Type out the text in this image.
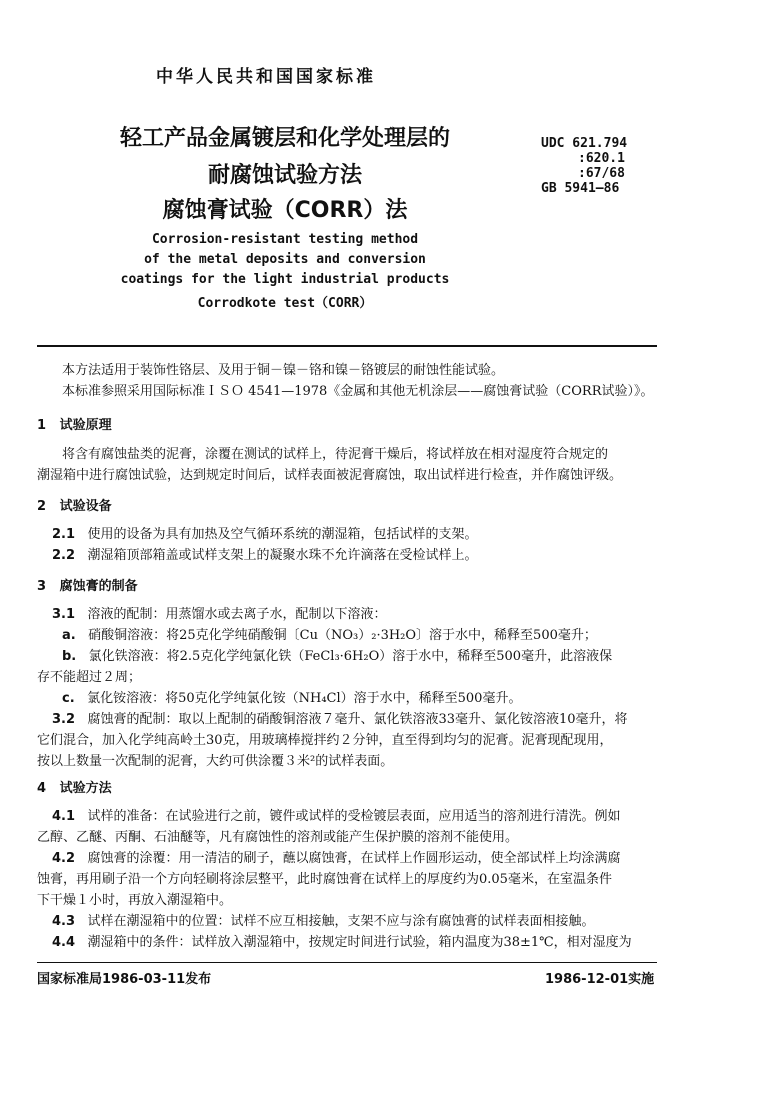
中华人民共和国国家标准
轻工产品金属镀层和化学处理层的
耐腐蚀试验方法
腐蚀膏试验（CORR）法
UDC 621.794
:620.1
:67/68
GB 5941—86
Corrosion-resistant testing method
of the metal deposits and conversion
coatings for the light industrial products
Corrodkote test（CORR）
本方法适用于装饰性铬层、及用于铜－镍－铬和镍－铬镀层的耐蚀性能试验。
本标准参照采用国际标准ＩＳＯ 4541—1978《金属和其他无机涂层——腐蚀膏试验（CORR试验）》。
1 试验原理
将含有腐蚀盐类的泥膏，涂覆在测试的试样上，待泥膏干燥后，将试样放在相对湿度符合规定的
潮湿箱中进行腐蚀试验，达到规定时间后，试样表面被泥膏腐蚀，取出试样进行检查，并作腐蚀评级。
2 试验设备
2.1 使用的设备为具有加热及空气循环系统的潮湿箱，包括试样的支架。
2.2 潮湿箱顶部箱盖或试样支架上的凝聚水珠不允许滴落在受检试样上。
3 腐蚀膏的制备
3.1 溶液的配制：用蒸馏水或去离子水，配制以下溶液：
a. 硝酸铜溶液：将25克化学纯硝酸铜〔Cu（NO₃）₂·3H₂O〕溶于水中，稀释至500毫升；
b. 氯化铁溶液：将2.5克化学纯氯化铁（FeCl₃·6H₂O）溶于水中，稀释至500毫升，此溶液保
存不能超过２周；
c. 氯化铵溶液：将50克化学纯氯化铵（NH₄Cl）溶于水中，稀释至500毫升。
3.2 腐蚀膏的配制：取以上配制的硝酸铜溶液７毫升、氯化铁溶液33毫升、氯化铵溶液10毫升，将
它们混合，加入化学纯高岭土30克，用玻璃棒搅拌约２分钟，直至得到均匀的泥膏。泥膏现配现用，
按以上数量一次配制的泥膏，大约可供涂覆３米²的试样表面。
4 试验方法
4.1 试样的准备：在试验进行之前，镀件或试样的受检镀层表面，应用适当的溶剂进行清洗。例如
乙醇、乙醚、丙酮、石油醚等，凡有腐蚀性的溶剂或能产生保护膜的溶剂不能使用。
4.2 腐蚀膏的涂覆：用一清洁的刷子，蘸以腐蚀膏，在试样上作圆形运动，使全部试样上均涂满腐
蚀膏，再用刷子沿一个方向轻刷将涂层整平，此时腐蚀膏在试样上的厚度约为0.05毫米，在室温条件
下干燥１小时，再放入潮湿箱中。
4.3 试样在潮湿箱中的位置：试样不应互相接触，支架不应与涂有腐蚀膏的试样表面相接触。
4.4 潮湿箱中的条件：试样放入潮湿箱中，按规定时间进行试验，箱内温度为38±1℃，相对湿度为
国家标准局1986-03-11发布	1986-12-01实施
